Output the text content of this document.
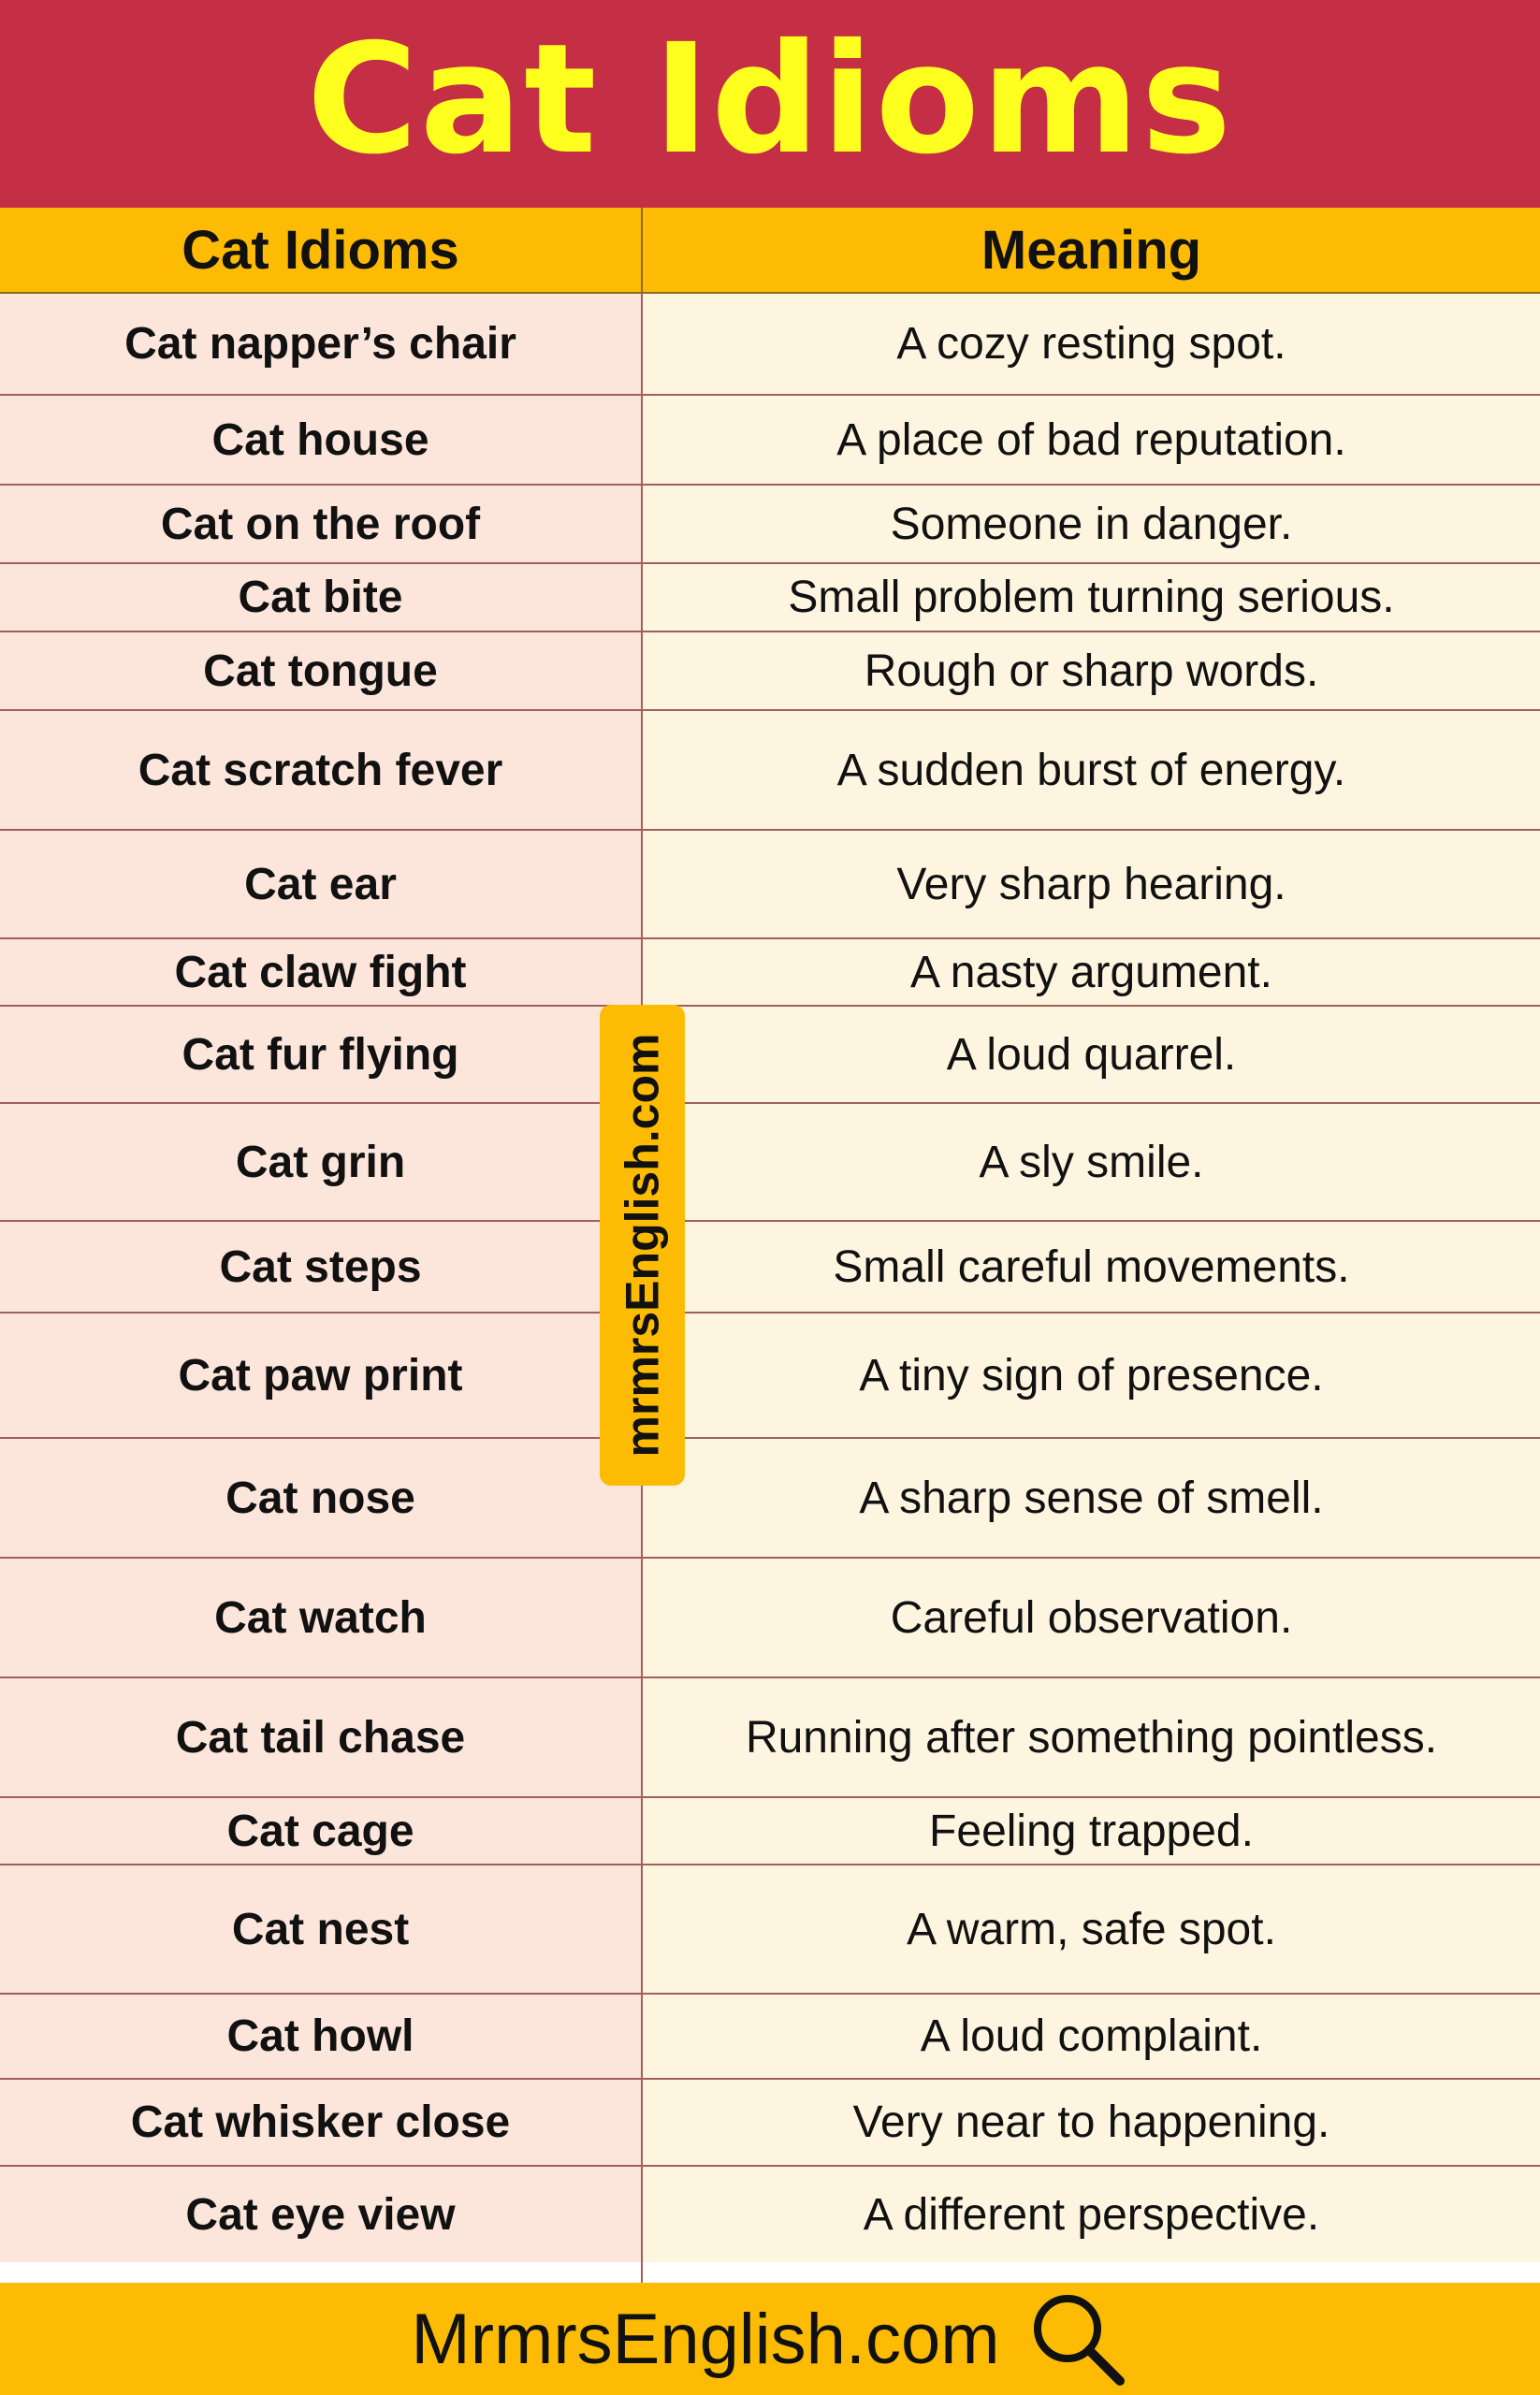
Cat Idioms
Cat Idioms	Meaning
Cat napper’s chair	A cozy resting spot.
Cat house	A place of bad reputation.
Cat on the roof	Someone in danger.
Cat bite	Small problem turning serious.
Cat tongue	Rough or sharp words.
Cat scratch fever	A sudden burst of energy.
Cat ear	Very sharp hearing.
Cat claw fight	A nasty argument.
Cat fur flying	A loud quarrel.
Cat grin	A sly smile.
Cat steps	Small careful movements.
Cat paw print	A tiny sign of presence.
Cat nose	A sharp sense of smell.
Cat watch	Careful observation.
Cat tail chase	Running after something pointless.
Cat cage	Feeling trapped.
Cat nest	A warm, safe spot.
Cat howl	A loud complaint.
Cat whisker close	Very near to happening.
Cat eye view	A different perspective.
mrmrsEnglish.com
MrmrsEnglish.com
